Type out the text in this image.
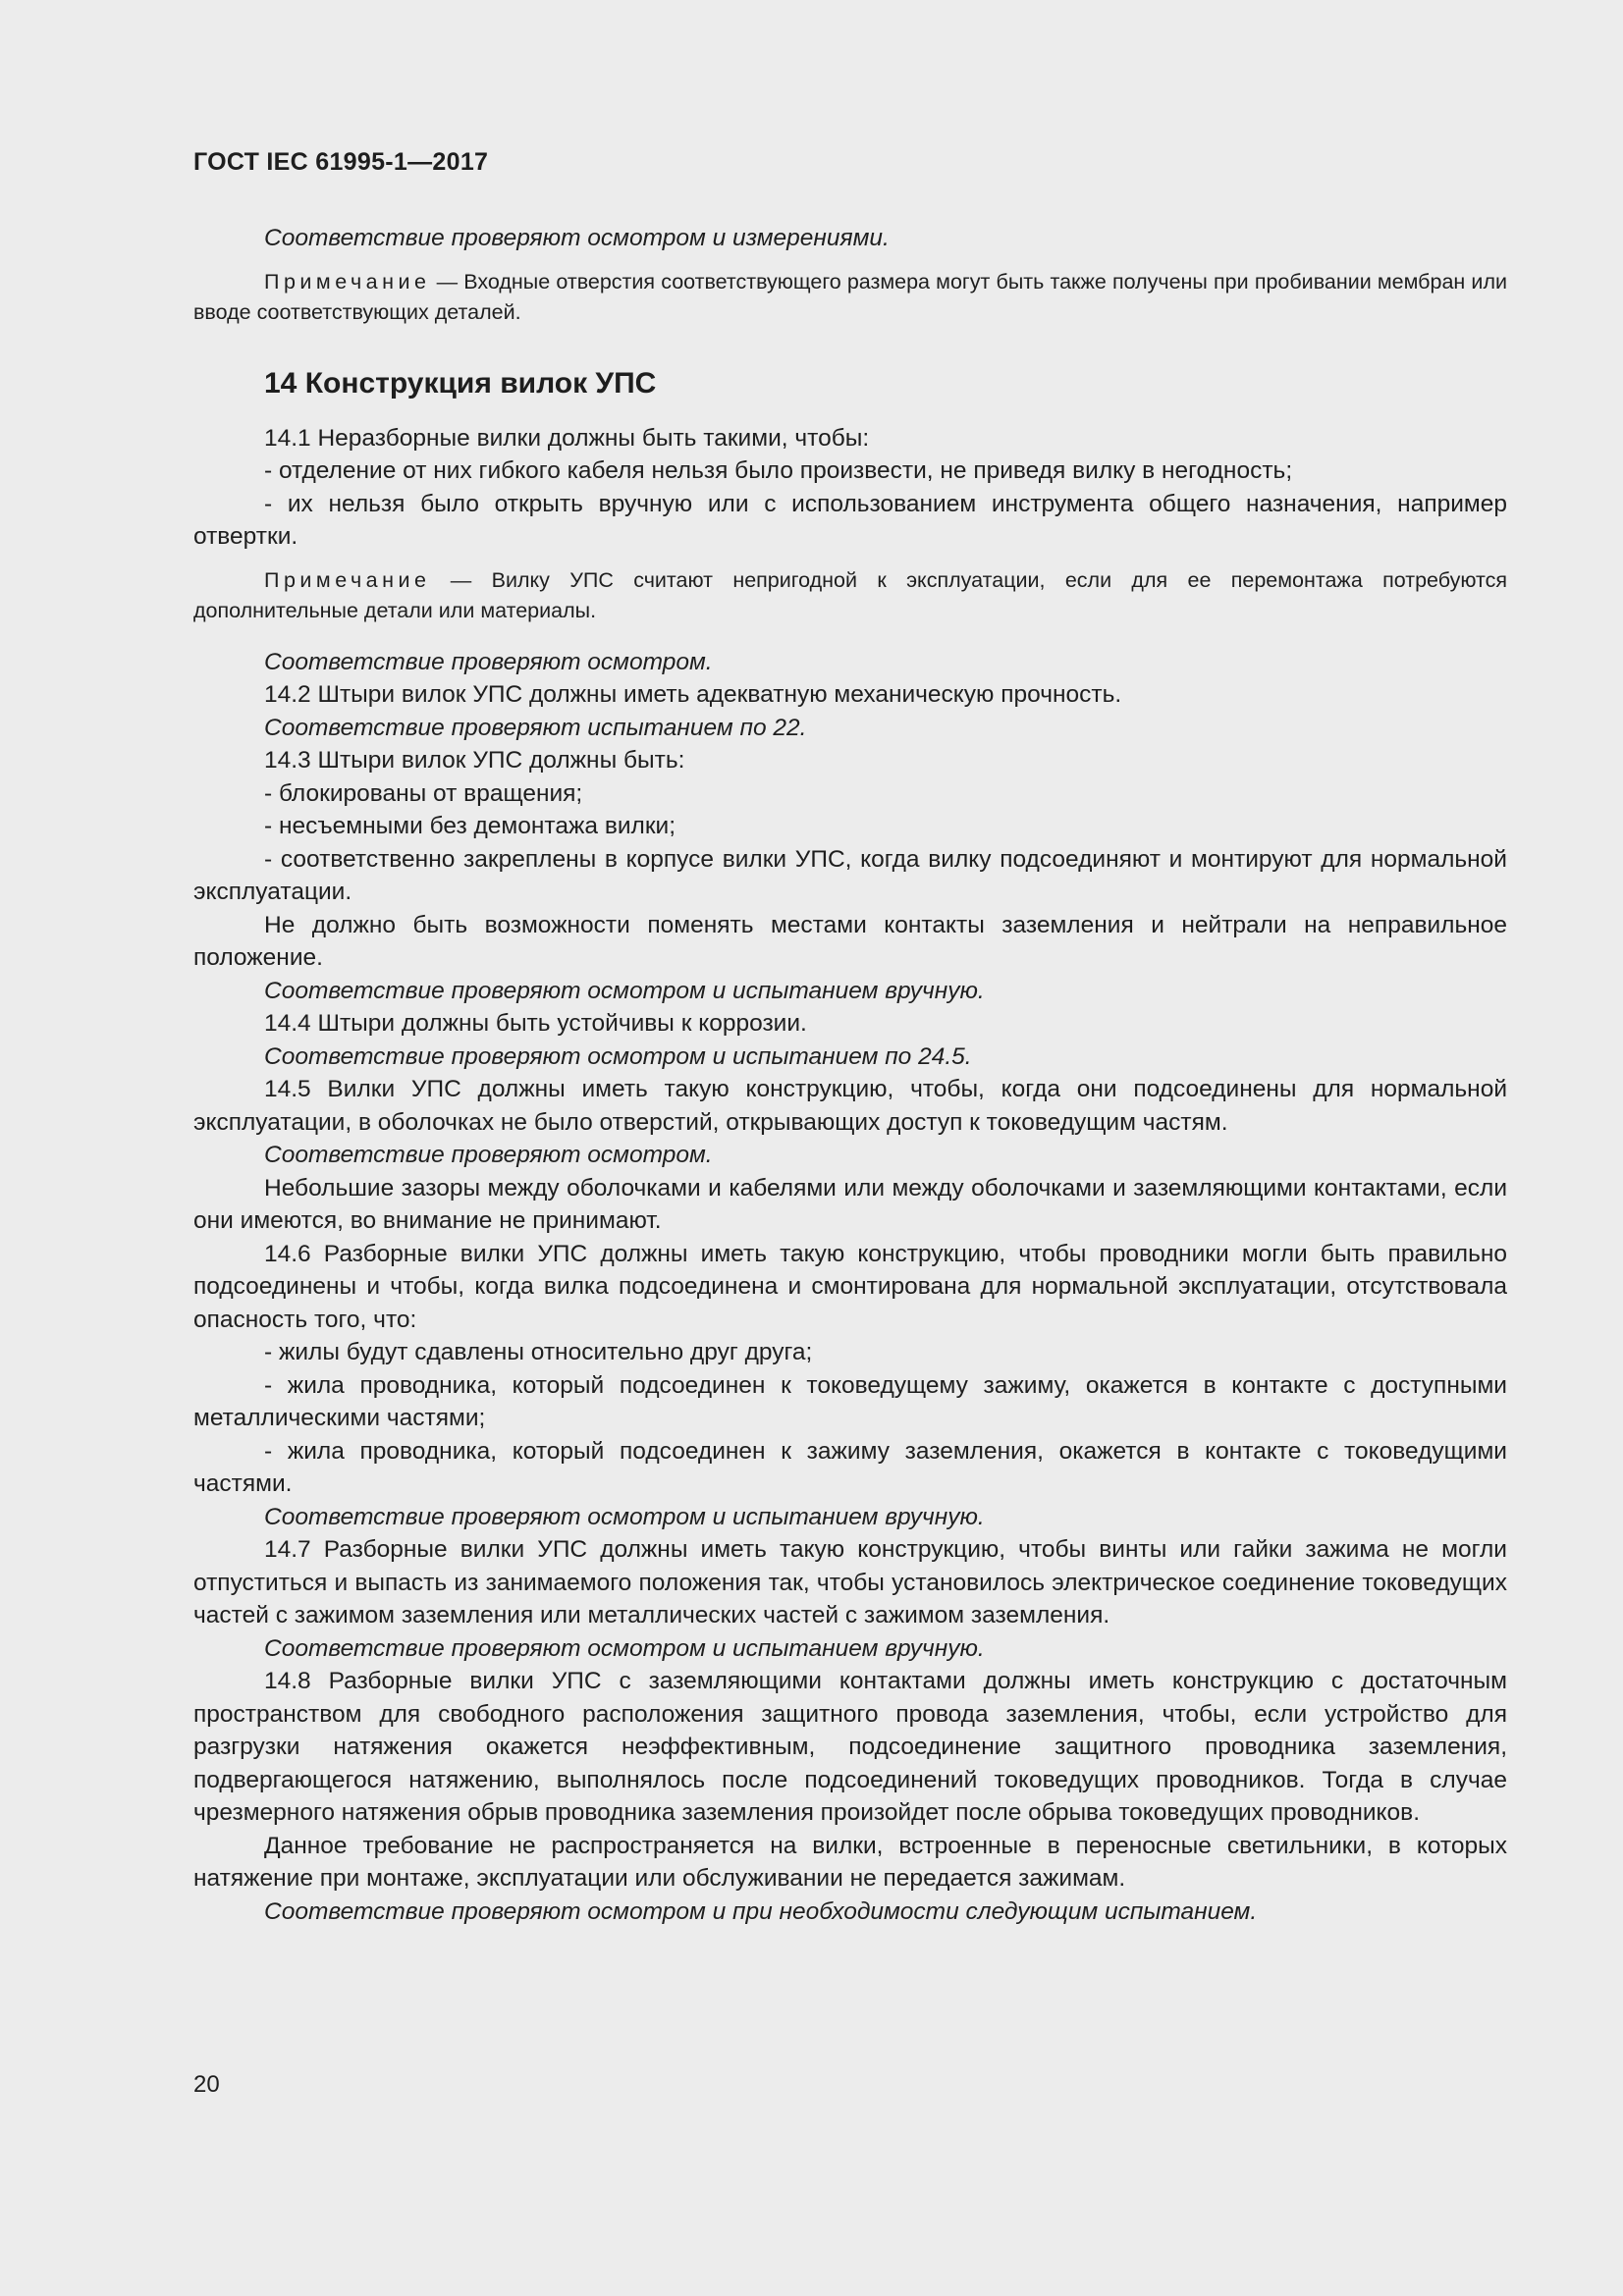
ГОСТ IEC 61995-1—2017

Соответствие проверяют осмотром и измерениями.

Примечание — Входные отверстия соответствующего размера могут быть также получены при пробивании мембран или вводе соответствующих деталей.

14 Конструкция вилок УПС

14.1 Неразборные вилки должны быть такими, чтобы:

- отделение от них гибкого кабеля нельзя было произвести, не приведя вилку в негодность;

- их нельзя было открыть вручную или с использованием инструмента общего назначения, например отвертки.

Примечание — Вилку УПС считают непригодной к эксплуатации, если для ее перемонтажа потребуются дополнительные детали или материалы.

Соответствие проверяют осмотром.

14.2 Штыри вилок УПС должны иметь адекватную механическую прочность.

Соответствие проверяют испытанием по 22.

14.3 Штыри вилок УПС должны быть:

- блокированы от вращения;

- несъемными без демонтажа вилки;

- соответственно закреплены в корпусе вилки УПС, когда вилку подсоединяют и монтируют для нормальной эксплуатации.

Не должно быть возможности поменять местами контакты заземления и нейтрали на неправильное положение.

Соответствие проверяют осмотром и испытанием вручную.

14.4 Штыри должны быть устойчивы к коррозии.

Соответствие проверяют осмотром и испытанием по 24.5.

14.5 Вилки УПС должны иметь такую конструкцию, чтобы, когда они подсоединены для нормальной эксплуатации, в оболочках не было отверстий, открывающих доступ к токоведущим частям.

Соответствие проверяют осмотром.

Небольшие зазоры между оболочками и кабелями или между оболочками и заземляющими контактами, если они имеются, во внимание не принимают.

14.6 Разборные вилки УПС должны иметь такую конструкцию, чтобы проводники могли быть правильно подсоединены и чтобы, когда вилка подсоединена и смонтирована для нормальной эксплуатации, отсутствовала опасность того, что:

- жилы будут сдавлены относительно друг друга;

- жила проводника, который подсоединен к токоведущему зажиму, окажется в контакте с доступными металлическими частями;

- жила проводника, который подсоединен к зажиму заземления, окажется в контакте с токоведущими частями.

Соответствие проверяют осмотром и испытанием вручную.

14.7 Разборные вилки УПС должны иметь такую конструкцию, чтобы винты или гайки зажима не могли отпуститься и выпасть из занимаемого положения так, чтобы установилось электрическое соединение токоведущих частей с зажимом заземления или металлических частей с зажимом заземления.

Соответствие проверяют осмотром и испытанием вручную.

14.8 Разборные вилки УПС с заземляющими контактами должны иметь конструкцию с достаточным пространством для свободного расположения защитного провода заземления, чтобы, если устройство для разгрузки натяжения окажется неэффективным, подсоединение защитного проводника заземления, подвергающегося натяжению, выполнялось после подсоединений токоведущих проводников. Тогда в случае чрезмерного натяжения обрыв проводника заземления произойдет после обрыва токоведущих проводников.

Данное требование не распространяется на вилки, встроенные в переносные светильники, в которых натяжение при монтаже, эксплуатации или обслуживании не передается зажимам.

Соответствие проверяют осмотром и при необходимости следующим испытанием.

20
